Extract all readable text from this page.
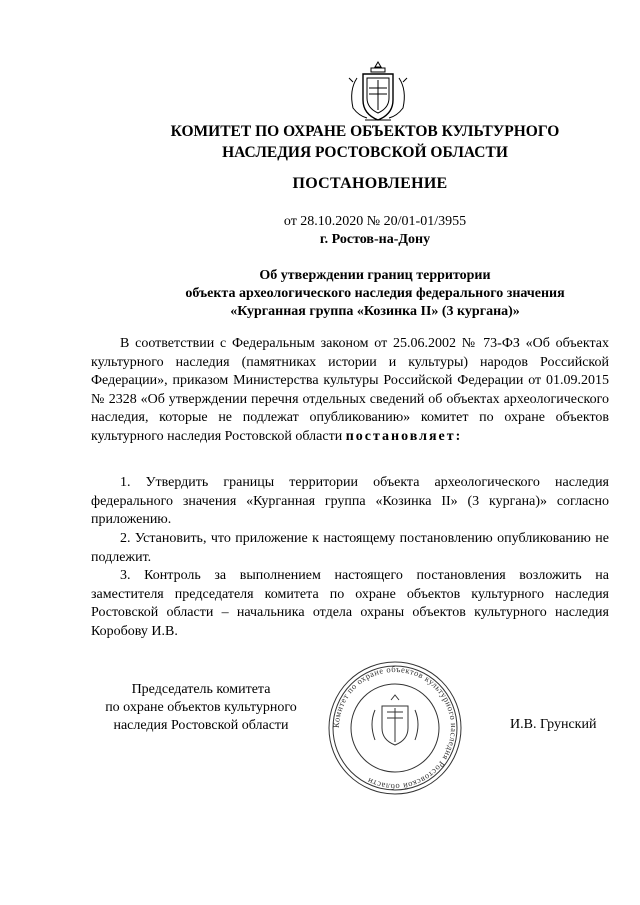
КОМИТЕТ ПО ОХРАНЕ ОБЪЕКТОВ КУЛЬТУРНОГО
НАСЛЕДИЯ РОСТОВСКОЙ ОБЛАСТИ
ПОСТАНОВЛЕНИЕ
от 28.10.2020 № 20/01-01/3955
г. Ростов-на-Дону
Об утверждении границ территории
объекта археологического наследия федерального значения
«Курганная группа «Козинка II» (3 кургана)»
В соответствии с Федеральным законом от 25.06.2002 № 73-ФЗ «Об объектах культурного наследия (памятниках истории и культуры) народов Российской Федерации», приказом Министерства культуры Российской Федерации от 01.09.2015 № 2328 «Об утверждении перечня отдельных сведений об объектах археологического наследия, которые не подлежат опубликованию» комитет по охране объектов культурного наследия Ростовской области постановляет:
1. Утвердить границы территории объекта археологического наследия федерального значения «Курганная группа «Козинка II» (3 кургана)» согласно приложению.
2. Установить, что приложение к настоящему постановлению опубликованию не подлежит.
3. Контроль за выполнением настоящего постановления возложить на заместителя председателя комитета по охране объектов культурного наследия Ростовской области – начальника отдела охраны объектов культурного наследия Коробову И.В.
Председатель комитета
по охране объектов культурного
наследия Ростовской области	Комитет по охране объектов культурного наследия Ростовской области
И.В. Грунский
